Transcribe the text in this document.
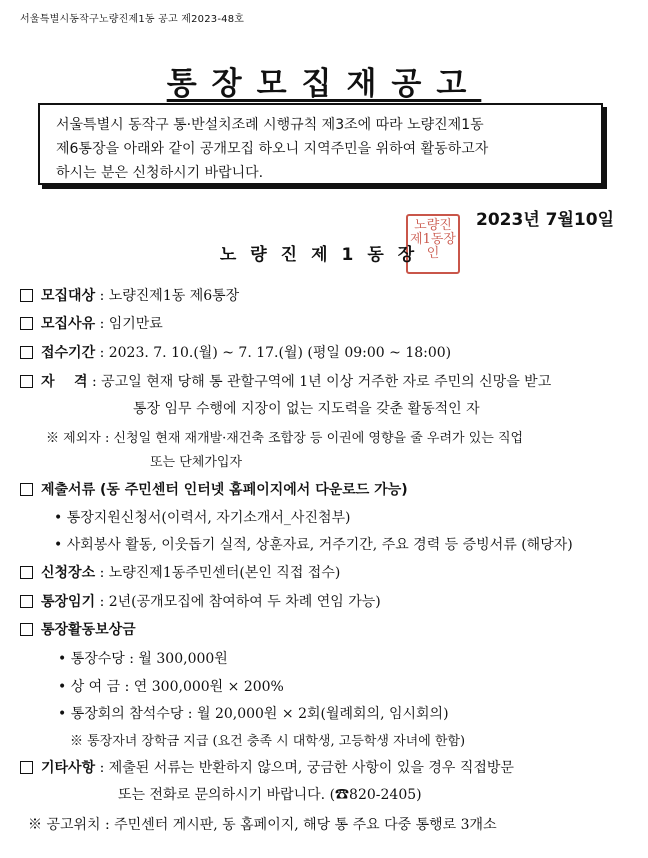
서울특별시동작구노량진제1동 공고 제2023-48호
통장모집재공고
서울특별시 동작구 통·반설치조례 시행규칙 제3조에 따라 노량진제1동
제6통장을 아래와 같이 공개모집 하오니 지역주민을 위하여 활동하고자
하시는 분은 신청하시기 바랍니다.
2023년 7월10일
노량진제1동장인
노량진제1동장
모집대상 : 노량진제1동 제6통장
모집사유 : 임기만료
접수기간 : 2023. 7. 10.(월) ~ 7. 17.(월) (평일 09:00 ~ 18:00)
자    격 : 공고일 현재 당해 통 관할구역에 1년 이상 거주한 자로 주민의 신망을 받고
통장 임무 수행에 지장이 없는 지도력을 갖춘 활동적인 자
※ 제외자 : 신청일 현재 재개발·재건축 조합장 등 이권에 영향을 줄 우려가 있는 직업
또는 단체가입자
제출서류 (동 주민센터 인터넷 홈페이지에서 다운로드 가능)
• 통장지원신청서(이력서, 자기소개서_사진첨부)
• 사회봉사 활동, 이웃돕기 실적, 상훈자료, 거주기간, 주요 경력 등 증빙서류 (해당자)
신청장소 : 노량진제1동주민센터(본인 직접 접수)
통장임기 : 2년(공개모집에 참여하여 두 차례 연임 가능)
통장활동보상금
• 통장수당 : 월 300,000원
• 상 여 금 : 연 300,000원 × 200%
• 통장회의 참석수당 : 월 20,000원 × 2회(월례회의, 임시회의)
※ 통장자녀 장학금 지급 (요건 충족 시 대학생, 고등학생 자녀에 한함)
기타사항 : 제출된 서류는 반환하지 않으며, 궁금한 사항이 있을 경우 직접방문
또는 전화로 문의하시기 바랍니다. (☎820-2405)
※ 공고위치 : 주민센터 게시판, 동 홈페이지, 해당 통 주요 다중 통행로 3개소
